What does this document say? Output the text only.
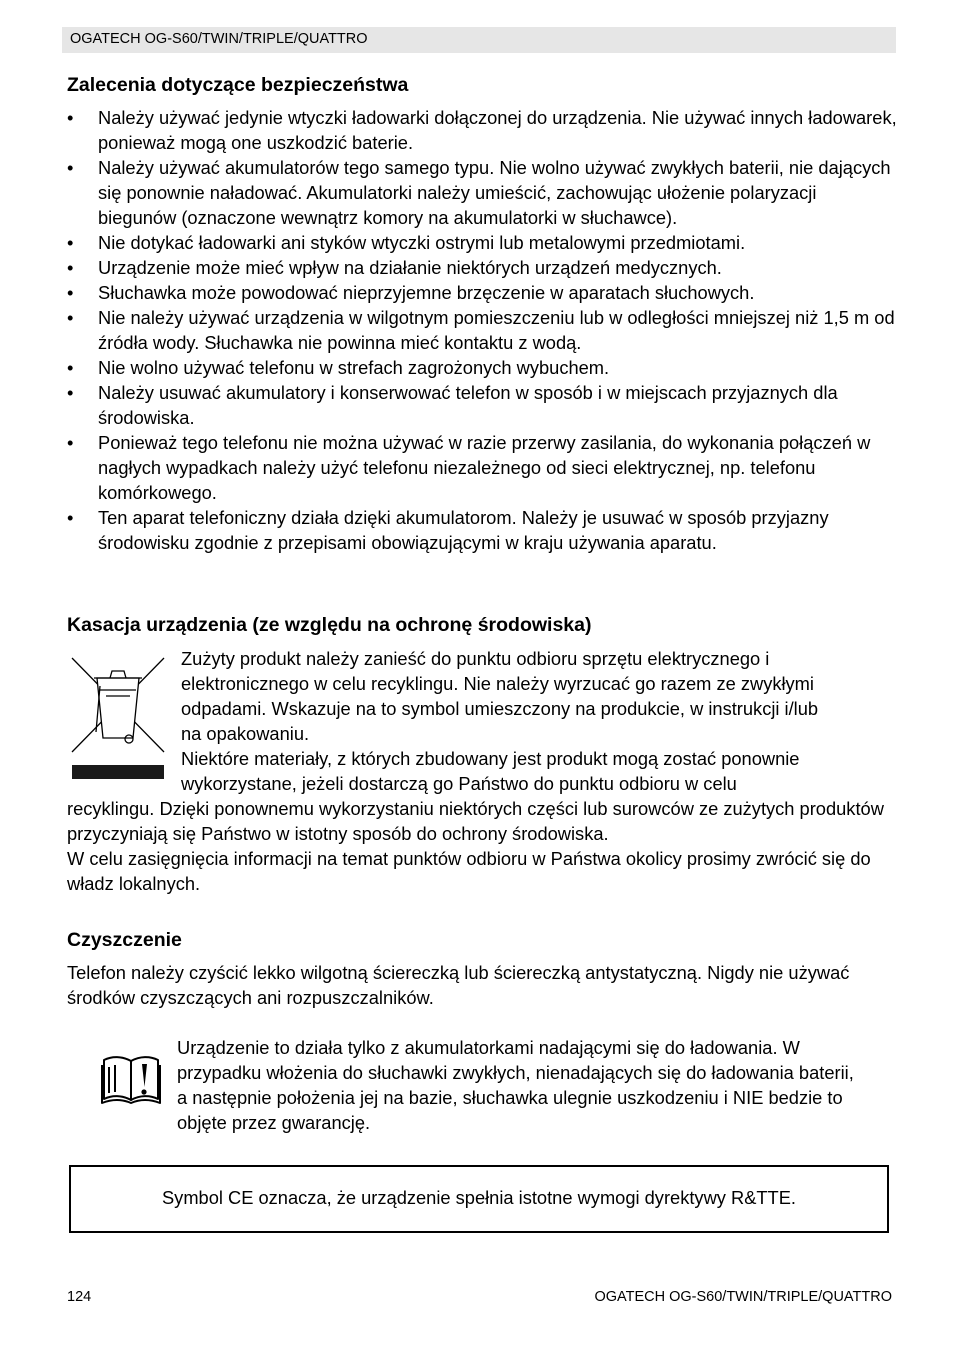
OGATECH OG-S60/TWIN/TRIPLE/QUATTRO
Zalecenia dotyczące bezpieczeństwa
• Należy używać jedynie wtyczki ładowarki dołączonej do urządzenia. Nie używać innych ładowarek, ponieważ mogą one uszkodzić baterie.
• Należy używać akumulatorów tego samego typu. Nie wolno używać zwykłych baterii, nie dających się ponownie naładować. Akumulatorki należy umieścić, zachowując ułożenie polaryzacji biegunów (oznaczone wewnątrz komory na akumulatorki w słuchawce).
• Nie dotykać ładowarki ani styków wtyczki ostrymi lub metalowymi przedmiotami.
• Urządzenie może mieć wpływ na działanie niektórych urządzeń medycznych.
• Słuchawka może powodować nieprzyjemne brzęczenie w aparatach słuchowych.
• Nie należy używać urządzenia w wilgotnym pomieszczeniu lub w odległości mniejszej niż 1,5 m od źródła wody. Słuchawka nie powinna mieć kontaktu z wodą.
• Nie wolno używać telefonu w strefach zagrożonych wybuchem.
• Należy usuwać akumulatory i konserwować telefon w sposób i w miejscach przyjaznych dla środowiska.
• Ponieważ tego telefonu nie można używać w razie przerwy zasilania, do wykonania połączeń w nagłych wypadkach należy użyć telefonu niezależnego od sieci elektrycznej, np. telefonu komórkowego.
• Ten aparat telefoniczny działa dzięki akumulatorom. Należy je usuwać w sposób przyjazny środowisku zgodnie z przepisami obowiązującymi w kraju używania aparatu.
Kasacja urządzenia (ze względu na ochronę środowiska)

Zużyty produkt należy zanieść do punktu odbioru sprzętu elektrycznego i
elektronicznego w celu recyklingu. Nie należy wyrzucać go razem ze zwykłymi
odpadami. Wskazuje na to symbol umieszczony na produkcie, w instrukcji i/lub
na opakowaniu.
Niektóre materiały, z których zbudowany jest produkt mogą zostać ponownie
wykorzystane, jeżeli dostarczą go Państwo do punktu odbioru w celu

recyklingu. Dzięki ponownemu wykorzystaniu niektórych części lub surowców ze zużytych produktów przyczyniają się Państwo w istotny sposób do ochrony środowiska.
W celu zasięgnięcia informacji na temat punktów odbioru w Państwa okolicy prosimy zwrócić się do władz lokalnych.

Czyszczenie

Telefon należy czyścić lekko wilgotną ściereczką lub ściereczką antystatyczną. Nigdy nie używać środków czyszczących ani rozpuszczalników.

Urządzenie to działa tylko z akumulatorkami nadającymi się do ładowania. W przypadku włożenia do słuchawki zwykłych, nienadających się do ładowania baterii, a następnie położenia jej na bazie, słuchawka ulegnie uszkodzeniu i NIE bedzie to objęte przez gwarancję.

Symbol CE oznacza, że urządzenie spełnia istotne wymogi dyrektywy R&TTE.

124	OGATECH OG-S60/TWIN/TRIPLE/QUATTRO
